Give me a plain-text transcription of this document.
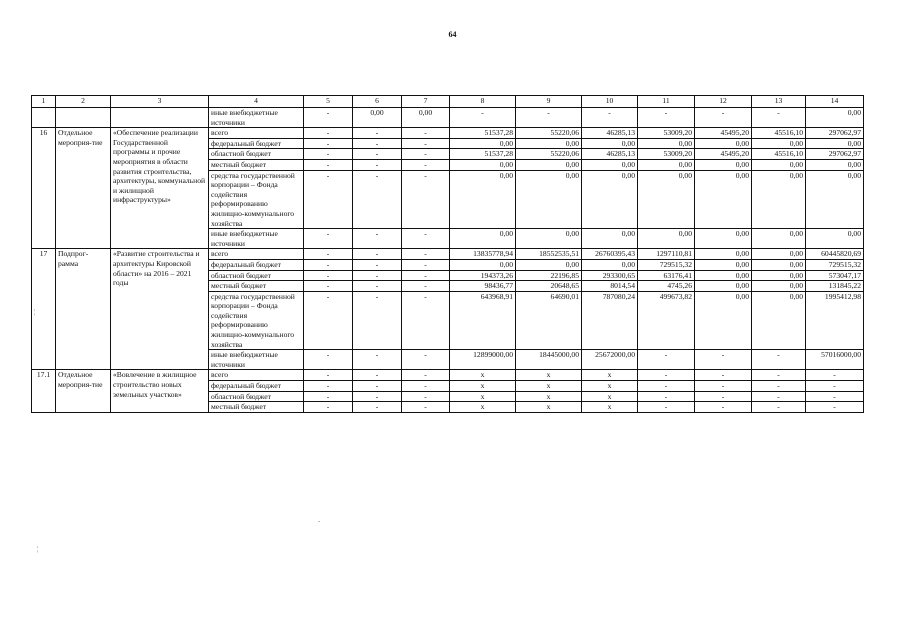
64
1	2	3	4	5	6	7	8	9	10	11	12	13	14
			иные внебюджетные источники	-	0,00	0,00	-	-	-	-	-	-	0,00
16	Отдельное мероприя-тие	«Обеспечение реализации Государственной программы и прочие мероприятия в области развития строительства, архитектуры, коммунальной и жилищной инфраструктуры»	всего	-	-	-	51537,28	55220,06	46285,13	53009,20	45495,20	45516,10	297062,97
			федеральный бюджет	-	-	-	0,00	0,00	0,00	0,00	0,00	0,00	0,00
			областной бюджет	-	-	-	51537,28	55220,06	46285,13	53009,20	45495,20	45516,10	297062,97
			местный бюджет	-	-	-	0,00	0,00	0,00	0,00	0,00	0,00	0,00
			средства государственной корпорации – Фонда содействия реформированию жилищно-коммунального хозяйства	-	-	-	0,00	0,00	0,00	0,00	0,00	0,00	0,00
			иные внебюджетные источники	-	-	-	0,00	0,00	0,00	0,00	0,00	0,00	0,00
17	Подпрог-рамма	«Развитие строительства и архитектуры Кировской области» на 2016 – 2021 годы	всего	-	-	-	13835778,94	18552535,51	26760395,43	1297110,81	0,00	0,00	60445820,69
			федеральный бюджет	-	-	-	0,00	0,00	0,00	729515,32	0,00	0,00	729515,32
			областной бюджет	-	-	-	194373,26	22196,85	293300,65	63176,41	0,00	0,00	573047,17
			местный бюджет	-	-	-	98436,77	20648,65	8014,54	4745,26	0,00	0,00	131845,22
			средства государственной корпорации – Фонда содействия реформированию жилищно-коммунального хозяйства	-	-	-	643968,91	64690,01	787080,24	499673,82	0,00	0,00	1995412,98
			иные внебюджетные источники	-	-	-	12899000,00	18445000,00	25672000,00	-	-	-	57016000,00
17.1	Отдельное мероприя-тие	«Вовлечение в жилищное строительство новых земельных участков»	всего	-	-	-	x	x	x	-	-	-	-
			федеральный бюджет	-	-	-	x	x	x	-	-	-	-
			областной бюджет	-	-	-	x	x	x	-	-	-	-
			местный бюджет	-	-	-	x	x	x	-	-	-	-
¦
¦
-
